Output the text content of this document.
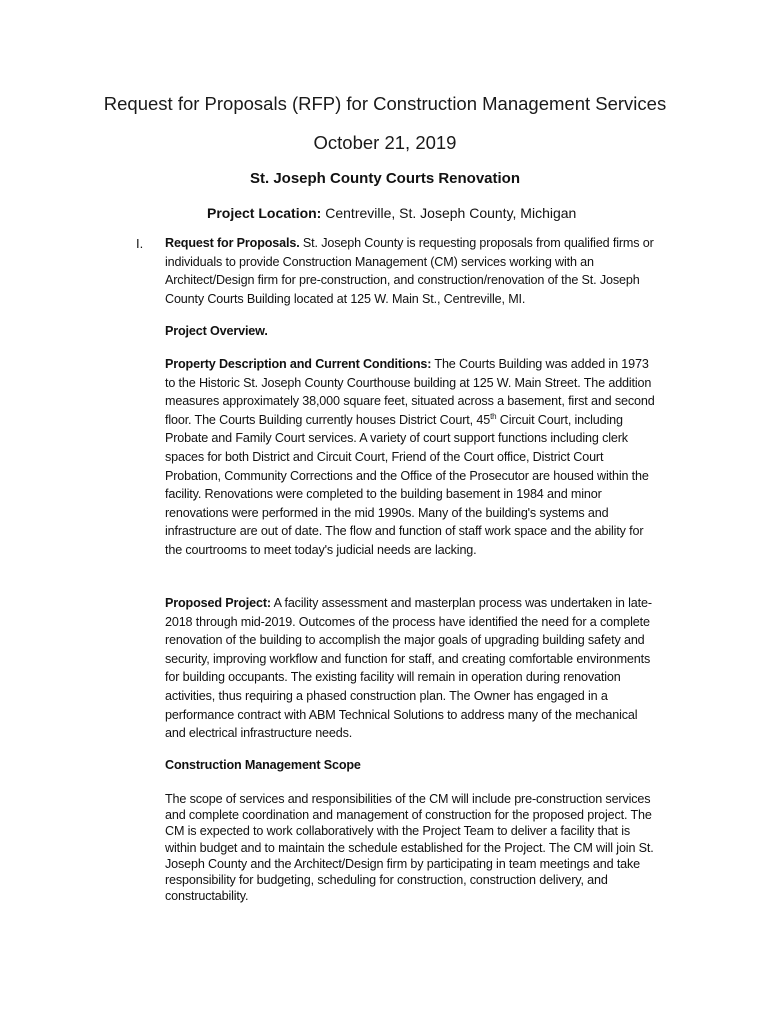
Request for Proposals (RFP) for Construction Management Services
October 21, 2019
St. Joseph County Courts Renovation
Project Location: Centreville, St. Joseph County, Michigan
I. Request for Proposals. St. Joseph County is requesting proposals from qualified firms or individuals to provide Construction Management (CM) services working with an Architect/Design firm for pre-construction, and construction/renovation of the St. Joseph County Courts Building located at 125 W. Main St., Centreville, MI.

Project Overview.

Property Description and Current Conditions: The Courts Building was added in 1973 to the Historic St. Joseph County Courthouse building at 125 W. Main Street. The addition measures approximately 38,000 square feet, situated across a basement, first and second floor. The Courts Building currently houses District Court, 45th Circuit Court, including Probate and Family Court services. A variety of court support functions including clerk spaces for both District and Circuit Court, Friend of the Court office, District Court Probation, Community Corrections and the Office of the Prosecutor are housed within the facility. Renovations were completed to the building basement in 1984 and minor renovations were performed in the mid 1990s. Many of the building's systems and infrastructure are out of date. The flow and function of staff work space and the ability for the courtrooms to meet today's judicial needs are lacking.

Proposed Project: A facility assessment and masterplan process was undertaken in late-2018 through mid-2019. Outcomes of the process have identified the need for a complete renovation of the building to accomplish the major goals of upgrading building safety and security, improving workflow and function for staff, and creating comfortable environments for building occupants. The existing facility will remain in operation during renovation activities, thus requiring a phased construction plan. The Owner has engaged in a performance contract with ABM Technical Solutions to address many of the mechanical and electrical infrastructure needs.

Construction Management Scope

The scope of services and responsibilities of the CM will include pre-construction services and complete coordination and management of construction for the proposed project. The CM is expected to work collaboratively with the Project Team to deliver a facility that is within budget and to maintain the schedule established for the Project. The CM will join St. Joseph County and the Architect/Design firm by participating in team meetings and take responsibility for budgeting, scheduling for construction, construction delivery, and constructability.
